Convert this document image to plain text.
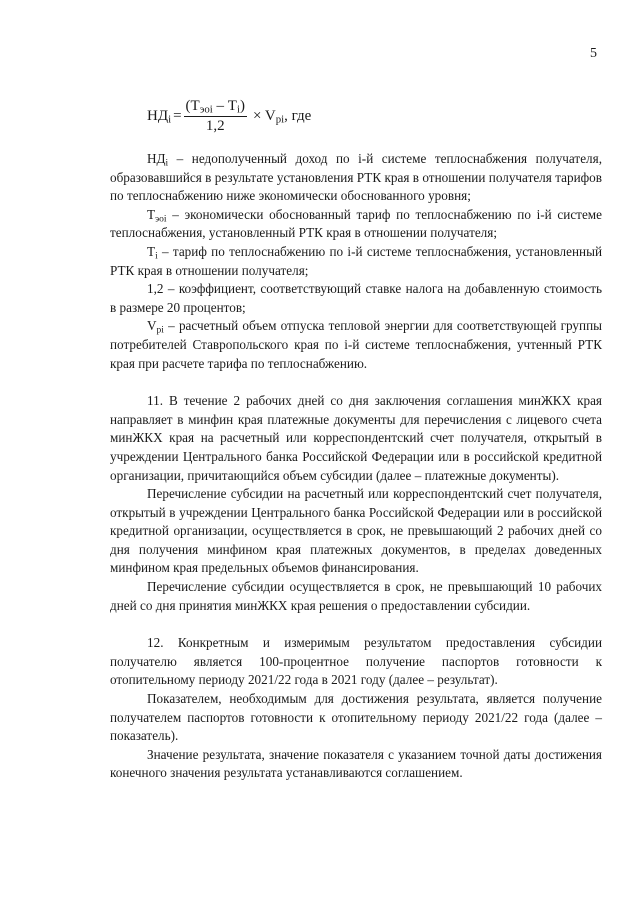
5
$НД_i = \frac{(Т_{эоi} - Т_i)}{1,2} \times V_{pi}$, где

$НД_i$ – недополученный доход по i-й системе теплоснабжения получателя, образовавшийся в результате установления РТК края в отношении получателя тарифов по теплоснабжению ниже экономически обоснованного уровня;

$Т_{эоi}$ – экономически обоснованный тариф по теплоснабжению по i-й системе теплоснабжения, установленный РТК края в отношении получателя;

$Т_i$ – тариф по теплоснабжению по i-й системе теплоснабжения, установленный РТК края в отношении получателя;

1,2 – коэффициент, соответствующий ставке налога на добавленную стоимость в размере 20 процентов;

$V_{pi}$ – расчетный объем отпуска тепловой энергии для соответствующей группы потребителей Ставропольского края по i-й системе теплоснабжения, учтенный РТК края при расчете тарифа по теплоснабжению.

11. В течение 2 рабочих дней со дня заключения соглашения минЖКХ края направляет в минфин края платежные документы для перечисления с лицевого счета минЖКХ края на расчетный или корреспондентский счет получателя, открытый в учреждении Центрального банка Российской Федерации или в российской кредитной организации, причитающийся объем субсидии (далее – платежные документы).

Перечисление субсидии на расчетный или корреспондентский счет получателя, открытый в учреждении Центрального банка Российской Федерации или в российской кредитной организации, осуществляется в срок, не превышающий 2 рабочих дней со дня получения минфином края платежных документов, в пределах доведенных минфином края предельных объемов финансирования.

Перечисление субсидии осуществляется в срок, не превышающий 10 рабочих дней со дня принятия минЖКХ края решения о предоставлении субсидии.

12. Конкретным и измеримым результатом предоставления субсидии получателю является 100-процентное получение паспортов готовности к отопительному периоду 2021/22 года в 2021 году (далее – результат).

Показателем, необходимым для достижения результата, является получение получателем паспортов готовности к отопительному периоду 2021/22 года (далее – показатель).

Значение результата, значение показателя с указанием точной даты достижения конечного значения результата устанавливаются соглашением.
